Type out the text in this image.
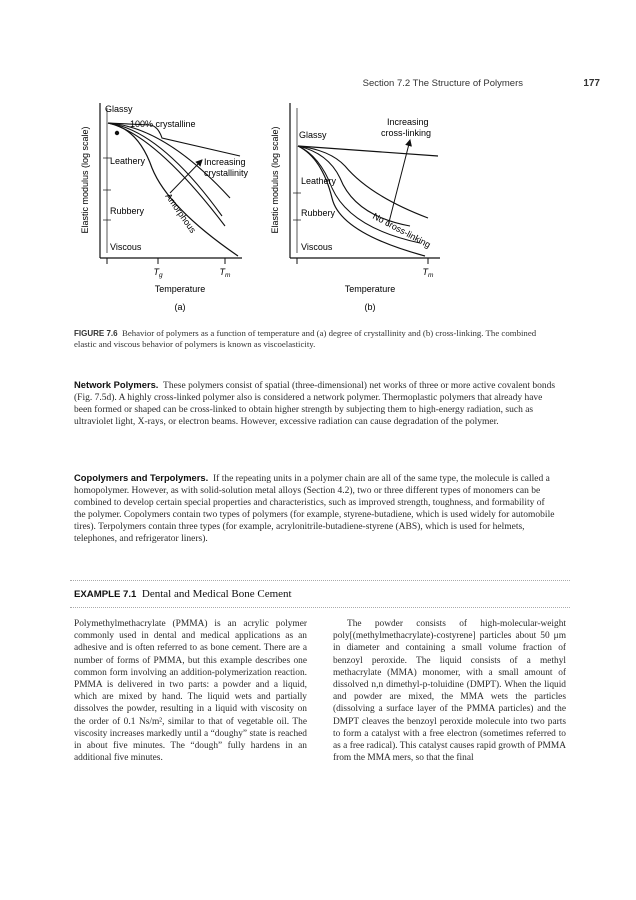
Section 7.2 The Structure of Polymers	177
Elastic modulus (log scale)
Glassy
Leathery
Rubbery
Viscous
100% crystalline
Increasing
crystallinity
Amorphous
$T_g$	$T_m$
Temperature
(a)
Elastic modulus (log scale) Glassy
Leathery
Rubbery
Viscous
Increasing
cross-linking
No cross-linking
$T_m$
Temperature
(b)
FIGURE 7.6 Behavior of polymers as a function of temperature and (a) degree of crystallinity and (b) cross-linking. The combined elastic and viscous behavior of polymers is known as viscoelasticity.

Network Polymers. These polymers consist of spatial (three-dimensional) net works of three or more active covalent bonds (Fig. 7.5d). A highly cross-linked polymer also is considered a network polymer. Thermoplastic polymers that already have been formed or shaped can be cross-linked to obtain higher strength by subjecting them to high-energy radiation, such as ultraviolet light, X-rays, or electron beams. However, excessive radiation can cause degradation of the polymer.

Copolymers and Terpolymers. If the repeating units in a polymer chain are all of the same type, the molecule is called a homopolymer. However, as with solid-solution metal alloys (Section 4.2), two or three different types of monomers can be combined to develop certain special properties and characteristics, such as improved strength, toughness, and formability of the polymer. Copolymers contain two types of polymers (for example, styrene-butadiene, which is used widely for automobile tires). Terpolymers contain three types (for example, acrylonitrile-butadiene-styrene (ABS), which is used for helmets, telephones, and refrigerator liners).

EXAMPLE 7.1 Dental and Medical Bone Cement

Polymethylmethacrylate (PMMA) is an acrylic polymer commonly used in dental and medical applications as an adhesive and is often referred to as bone cement. There are a number of forms of PMMA, but this example describes one common form involving an addition-polymerization reaction. PMMA is delivered in two parts: a powder and a liquid, which are mixed by hand. The liquid wets and partially dissolves the powder, resulting in a liquid with viscosity on the order of 0.1 Ns/m², similar to that of vegetable oil. The viscosity increases markedly until a “doughy” state is reached in about five minutes. The “dough” fully hardens in an additional five minutes.

The powder consists of high-molecular-weight poly[(methylmethacrylate)-costyrene] particles about 50 μm in diameter and containing a small volume fraction of benzoyl peroxide. The liquid consists of a methyl methacrylate (MMA) monomer, with a small amount of dissolved n,n dimethyl-p-toluidine (DMPT). When the liquid and powder are mixed, the MMA wets the particles (dissolving a surface layer of the PMMA particles) and the DMPT cleaves the benzoyl peroxide molecule into two parts to form a catalyst with a free electron (sometimes referred to as a free radical). This catalyst causes rapid growth of PMMA from the MMA mers, so that the final
